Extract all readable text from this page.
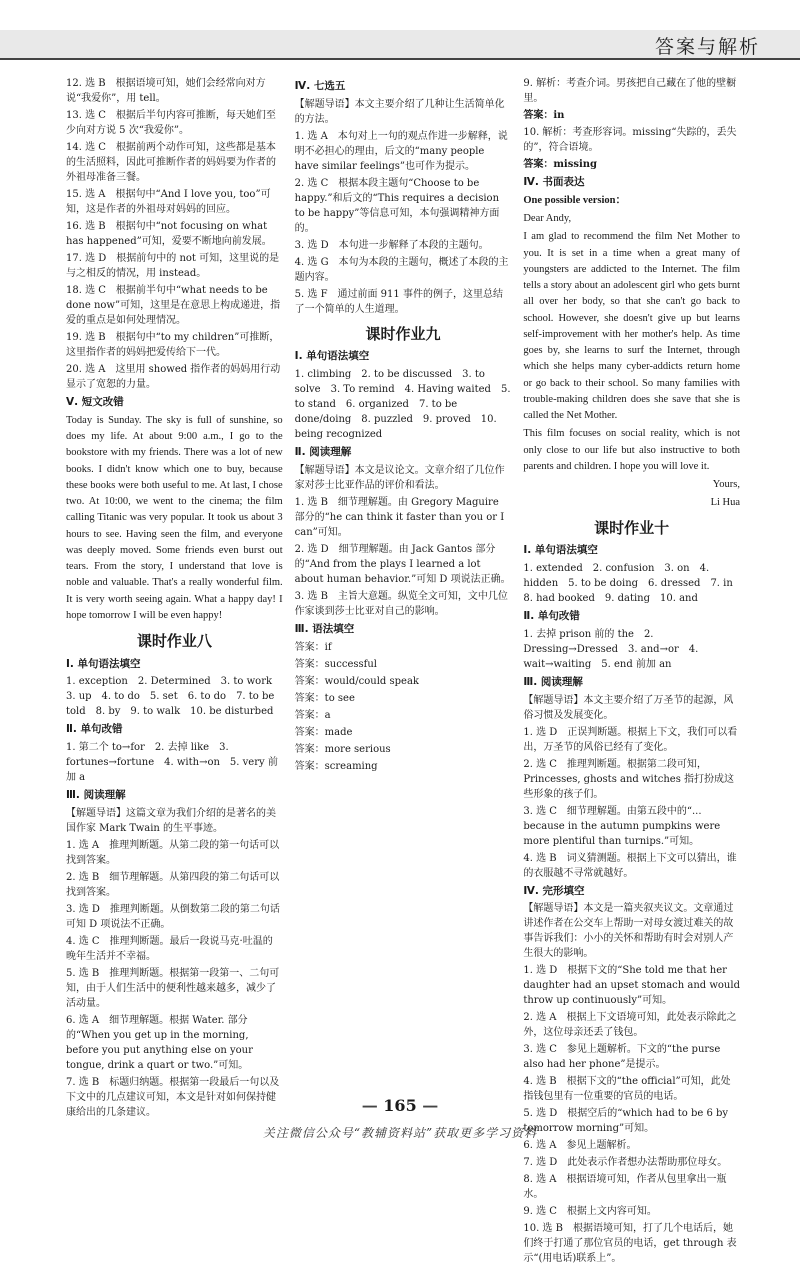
答案与解析

12. 选 B　根据语境可知，她们会经常向对方说“我爱你”，用 tell。

13. 选 C　根据后半句内容可推断，每天她们至少向对方说 5 次“我爱你”。

14. 选 C　根据前两个动作可知，这些都是基本的生活照料，因此可推断作者的妈妈要为作者的外祖母准备三餐。

15. 选 A　根据句中“And I love you, too”可知，这是作者的外祖母对妈妈的回应。

16. 选 B　根据句中“not focusing on what has happened”可知，爱要不断地向前发展。

17. 选 D　根据前句中的 not 可知，这里说的是与之相反的情况，用 instead。

18. 选 C　根据前半句中“what needs to be done now”可知，这里是在意思上构成递进，指爱的重点是如何处理情况。

19. 选 B　根据句中“to my children”可推断，这里指作者的妈妈把爱传给下一代。

20. 选 A　这里用 showed 指作者的妈妈用行动显示了宽恕的力量。

Ⅴ. 短文改错

Today is Sunday. The sky is full of sunshine, so does my life. At about 9:00 a.m., I go to the bookstore with my friends. There was a lot of new books. I didn't know which one to buy, because these books were both useful to me. At last, I chose two. At 10:00, we went to the cinema; the film calling Titanic was very popular. It took us about 3 hours to see. Having seen the film, and everyone was deeply moved. Some friends even burst out tears. From the story, I understand that love is noble and valuable. That's a really wonderful film. It is very worth seeing again. What a happy day! I hope tomorrow I will be even happy!

课时作业八
Ⅰ. 单句语法填空

1. exception　2. Determined　3. to work　3. up　4. to do　5. set　6. to do　7. to be told　8. by　9. to walk　10. be disturbed

Ⅱ. 单句改错

1. 第二个 to→for　2. 去掉 like　3. fortunes→fortune　4. with→on　5. very 前加 a

Ⅲ. 阅读理解

【解题导语】这篇文章为我们介绍的是著名的美国作家 Mark Twain 的生平事迹。

1. 选 A　推理判断题。从第二段的第一句话可以找到答案。

2. 选 B　细节理解题。从第四段的第二句话可以找到答案。

3. 选 D　推理判断题。从倒数第二段的第二句话可知 D 项说法不正确。

4. 选 C　推理判断题。最后一段说马克·吐温的晚年生活并不幸福。

5. 选 B　推理判断题。根据第一段第一、二句可知，由于人们生活中的便利性越来越多，减少了活动量。

6. 选 A　细节理解题。根据 Water. 部分的“When you get up in the morning, before you put anything else on your tongue, drink a quart or two.”可知。

7. 选 B　标题归纳题。根据第一段最后一句以及下文中的几点建议可知，本文是针对如何保持健康给出的几条建议。

Ⅳ. 七选五

【解题导语】本文主要介绍了几种让生活简单化的方法。

1. 选 A　本句对上一句的观点作进一步解释，说明不必担心的理由，后文的“many people have similar feelings”也可作为提示。

2. 选 C　根据本段主题句“Choose to be happy.”和后文的“This requires a decision to be happy”等信息可知，本句强调精神方面的。

3. 选 D　本句进一步解释了本段的主题句。

4. 选 G　本句为本段的主题句，概述了本段的主题内容。

5. 选 F　通过前面 911 事件的例子，这里总结了一个简单的人生道理。

课时作业九
Ⅰ. 单句语法填空

1. climbing　2. to be discussed　3. to solve　3. To remind　4. Having waited　5. to stand　6. organized　7. to be done/doing　8. puzzled　9. proved　10. being recognized

Ⅱ. 阅读理解

【解题导语】本文是议论文。文章介绍了几位作家对莎士比亚作品的评价和看法。

1. 选 B　细节理解题。由 Gregory Maguire 部分的“he can think it faster than you or I can”可知。

2. 选 D　细节理解题。由 Jack Gantos 部分的“And from the plays I learned a lot about human behavior.”可知 D 项说法正确。

3. 选 B　主旨大意题。纵览全文可知，文中几位作家谈到莎士比亚对自己的影响。

Ⅲ. 语法填空

答案：if

答案：successful

答案：would/could speak

答案：to see

答案：a

答案：made

答案：more serious

答案：screaming

9. 解析：考查介词。男孩把自己藏在了他的壁橱里。

答案：in

10. 解析：考查形容词。missing“失踪的，丢失的”，符合语境。

答案：missing

Ⅳ. 书面表达

One possible version：

Dear Andy,

I am glad to recommend the film Net Mother to you. It is set in a time when a great many of youngsters are addicted to the Internet. The film tells a story about an adolescent girl who gets burnt all over her body, so that she can't go back to school. However, she doesn't give up but learns self-improvement with her mother's help. As time goes by, she learns to surf the Internet, through which she helps many cyber-addicts return home or go back to their school. So many families with trouble-making children does she save that she is called the Net Mother.

This film focuses on social reality, which is not only close to our life but also instructive to both parents and children. I hope you will love it.

Yours,

Li Hua

课时作业十
Ⅰ. 单句语法填空

1. extended　2. confusion　3. on　4. hidden　5. to be doing　6. dressed　7. in　8. had booked　9. dating　10. and

Ⅱ. 单句改错

1. 去掉 prison 前的 the　2. Dressing→Dressed　3. and→or　4. wait→waiting　5. end 前加 an

Ⅲ. 阅读理解

【解题导语】本文主要介绍了万圣节的起源，风俗习惯及发展变化。

1. 选 D　正误判断题。根据上下文，我们可以看出，万圣节的风俗已经有了变化。

2. 选 C　推理判断题。根据第二段可知，Princesses, ghosts and witches 指打扮成这些形象的孩子们。

3. 选 C　细节理解题。由第五段中的“... because in the autumn pumpkins were more plentiful than turnips.”可知。

4. 选 B　词义猜测题。根据上下文可以猜出，谁的衣服越不寻常就越好。

Ⅳ. 完形填空

【解题导语】本文是一篇夹叙夹议文。文章通过讲述作者在公交车上帮助一对母女渡过难关的故事告诉我们：小小的关怀和帮助有时会对别人产生很大的影响。

1. 选 D　根据下文的“She told me that her daughter had an upset stomach and would throw up continuously”可知。

2. 选 A　根据上下文语境可知，此处表示除此之外，这位母亲还丢了钱包。

3. 选 C　参见上题解析。下文的“the purse also had her phone”是提示。

4. 选 B　根据下文的“the official”可知，此处指钱包里有一位重要的官员的电话。

5. 选 D　根据空后的“which had to be 6 by tomorrow morning”可知。

6. 选 A　参见上题解析。

7. 选 D　此处表示作者想办法帮助那位母女。

8. 选 A　根据语境可知，作者从包里拿出一瓶水。

9. 选 C　根据上文内容可知。

10. 选 B　根据语境可知，打了几个电话后，她们终于打通了那位官员的电话，get through 表示“(用电话)联系上”。

— 165 —
关注微信公众号“教辅资料站”获取更多学习资料
